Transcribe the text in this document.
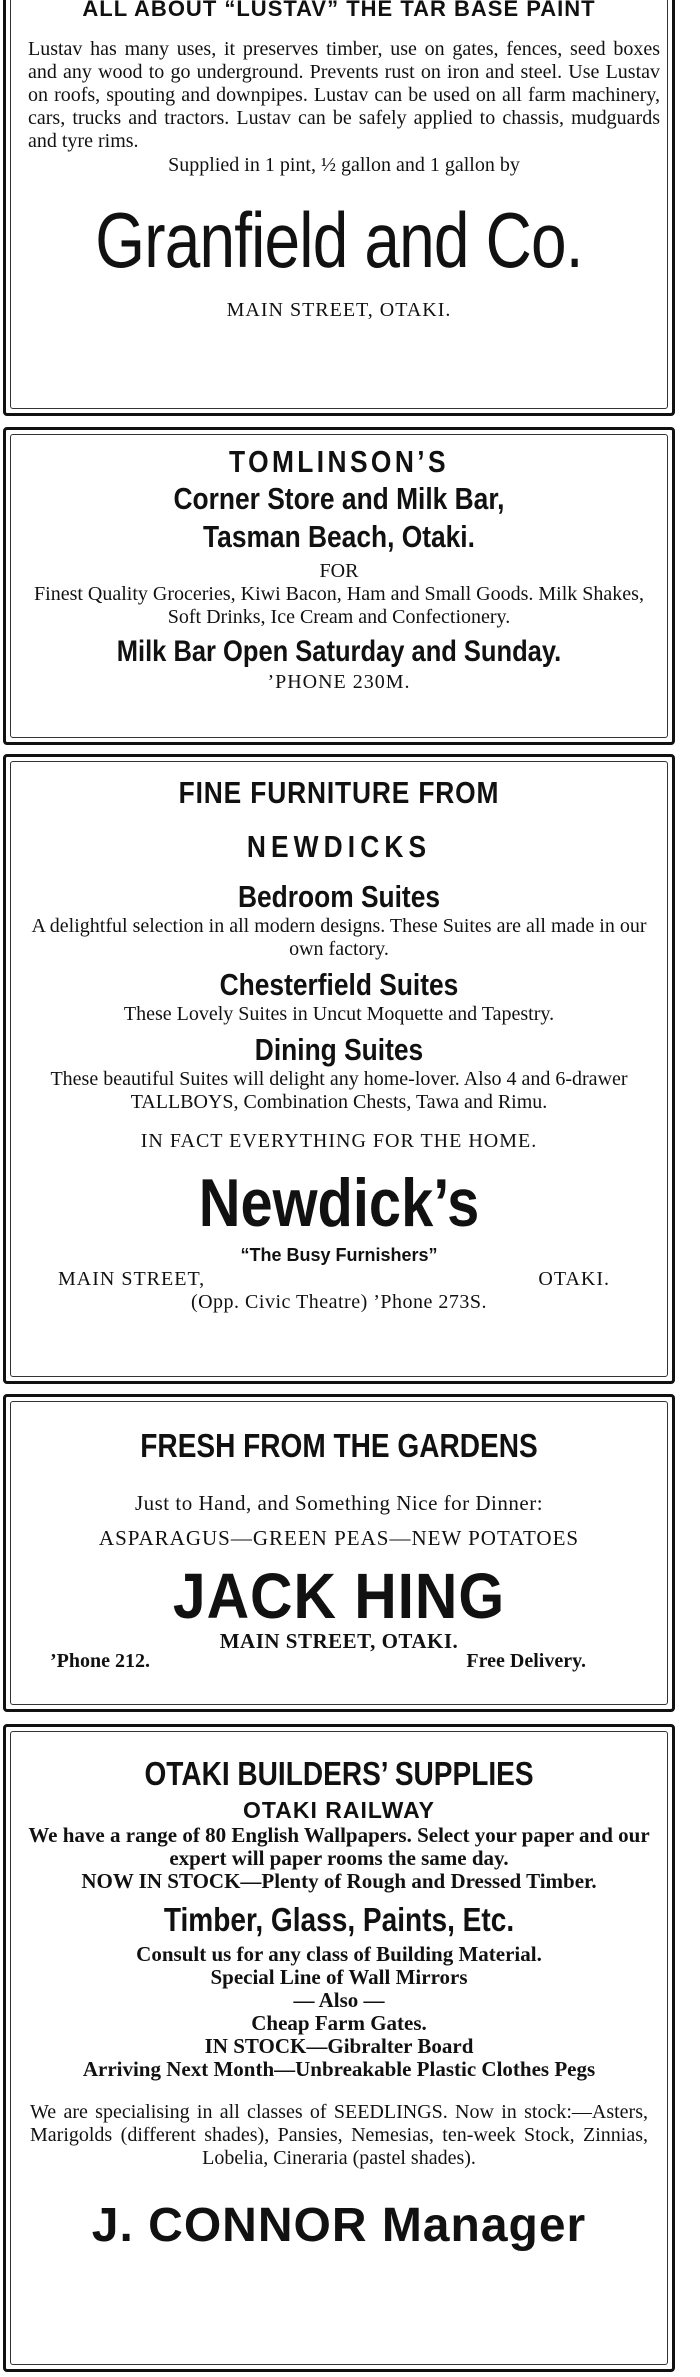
ALL ABOUT “LUSTAV” THE TAR BASE PAINT

Lustav has many uses, it preserves timber, use on gates, fences, seed boxes and any wood to go underground. Prevents rust on iron and steel. Use Lustav on roofs, spouting and downpipes. Lustav can be used on all farm machinery, cars, trucks and tractors. Lustav can be safely applied to chassis, mudguards and tyre rims.

Supplied in 1 pint, ½ gallon and 1 gallon by

Granfield and Co.

MAIN STREET, OTAKI.

TOMLINSON’S

Corner Store and Milk Bar,

Tasman Beach, Otaki.

FOR

Finest Quality Groceries, Kiwi Bacon, Ham and Small Goods. Milk Shakes, Soft Drinks, Ice Cream and Confectionery.

Milk Bar Open Saturday and Sunday.

’PHONE 230M.

FINE FURNITURE FROM

NEWDICKS

Bedroom Suites

A delightful selection in all modern designs. These Suites are all made in our own factory.

Chesterfield Suites

These Lovely Suites in Uncut Moquette and Tapestry.

Dining Suites

These beautiful Suites will delight any home-lover. Also 4 and 6-drawer TALLBOYS, Combination Chests, Tawa and Rimu.

IN FACT EVERYTHING FOR THE HOME.

Newdick’s

“The Busy Furnishers”

MAIN STREET,	OTAKI.

(Opp. Civic Theatre) ’Phone 273S.

FRESH FROM THE GARDENS

Just to Hand, and Something Nice for Dinner:

ASPARAGUS—GREEN PEAS—NEW POTATOES

JACK HING

MAIN STREET, OTAKI.

’Phone 212.	Free Delivery.

OTAKI BUILDERS’ SUPPLIES

OTAKI RAILWAY

We have a range of 80 English Wallpapers. Select your paper and our expert will paper rooms the same day.

NOW IN STOCK—Plenty of Rough and Dressed Timber.

Timber, Glass, Paints, Etc.

Consult us for any class of Building Material.

Special Line of Wall Mirrors

— Also —

Cheap Farm Gates.

IN STOCK—Gibralter Board

Arriving Next Month—Unbreakable Plastic Clothes Pegs

We are specialising in all classes of SEEDLINGS. Now in stock:—Asters, Marigolds (different shades), Pansies, Nemesias, ten-week Stock, Zinnias, Lobelia, Cineraria (pastel shades).

J. CONNOR Manager
